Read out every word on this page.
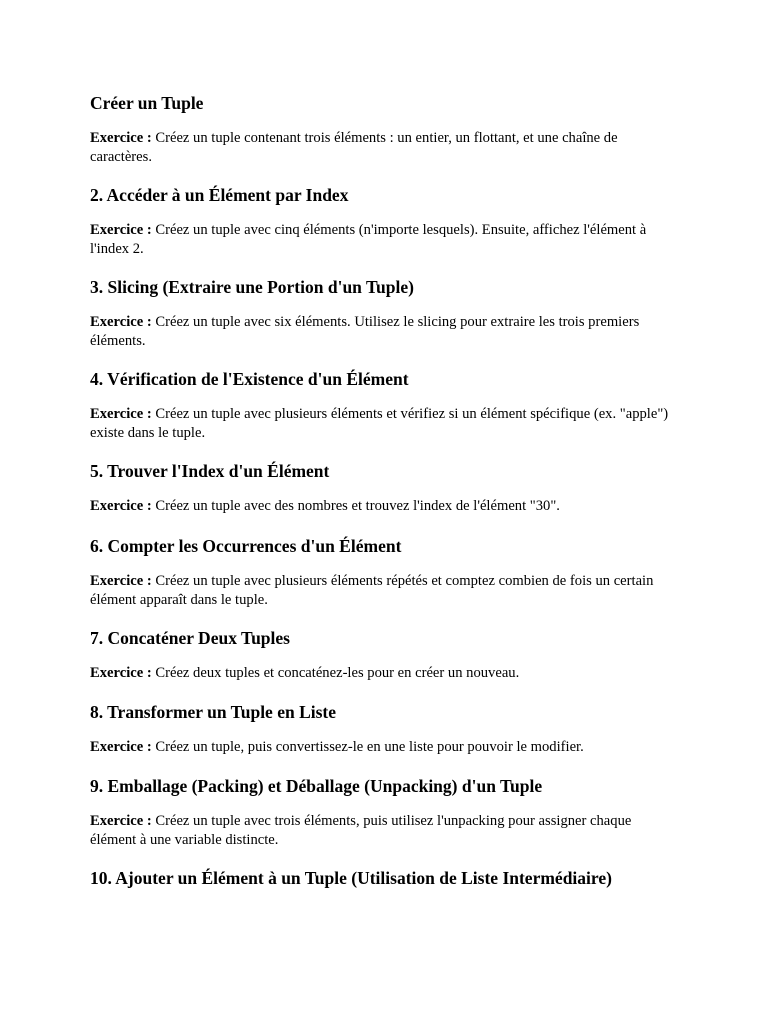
Créer un Tuple

Exercice : Créez un tuple contenant trois éléments : un entier, un flottant, et une chaîne de caractères.

2. Accéder à un Élément par Index

Exercice : Créez un tuple avec cinq éléments (n'importe lesquels). Ensuite, affichez l'élément à l'index 2.

3. Slicing (Extraire une Portion d'un Tuple)

Exercice : Créez un tuple avec six éléments. Utilisez le slicing pour extraire les trois premiers éléments.

4. Vérification de l'Existence d'un Élément

Exercice : Créez un tuple avec plusieurs éléments et vérifiez si un élément spécifique (ex. "apple") existe dans le tuple.

5. Trouver l'Index d'un Élément

Exercice : Créez un tuple avec des nombres et trouvez l'index de l'élément "30".

6. Compter les Occurrences d'un Élément

Exercice : Créez un tuple avec plusieurs éléments répétés et comptez combien de fois un certain élément apparaît dans le tuple.

7. Concaténer Deux Tuples

Exercice : Créez deux tuples et concaténez-les pour en créer un nouveau.

8. Transformer un Tuple en Liste

Exercice : Créez un tuple, puis convertissez-le en une liste pour pouvoir le modifier.

9. Emballage (Packing) et Déballage (Unpacking) d'un Tuple

Exercice : Créez un tuple avec trois éléments, puis utilisez l'unpacking pour assigner chaque élément à une variable distincte.

10. Ajouter un Élément à un Tuple (Utilisation de Liste Intermédiaire)
